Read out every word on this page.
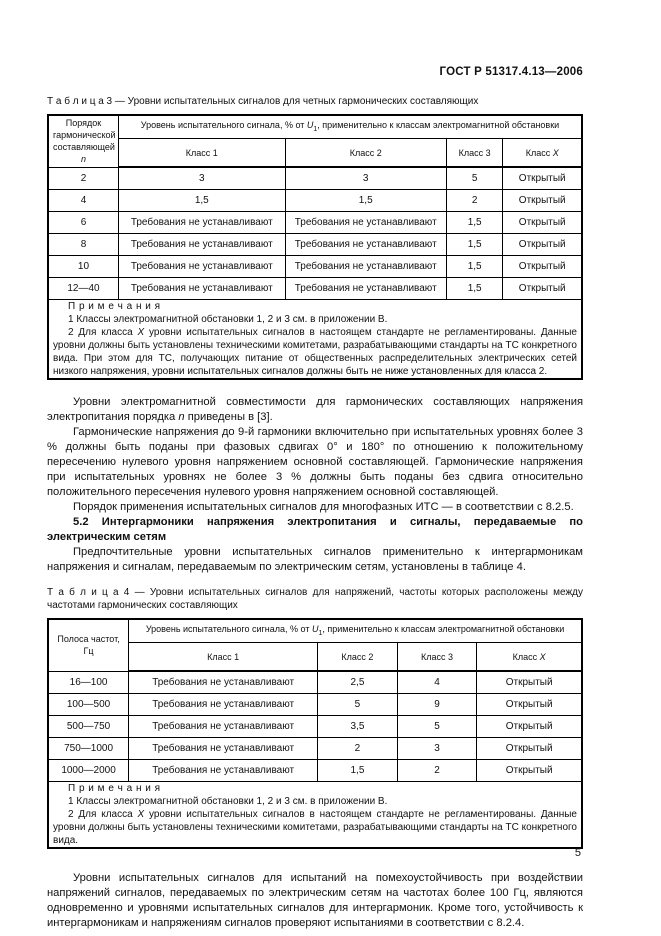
ГОСТ Р 51317.4.13—2006

Т а б л и ц а 3 — Уровни испытательных сигналов для четных гармонических составляющих

Порядок
гармонической
составляющей n	Уровень испытательного сигнала, % от $U_1$, применительно к классам электромагнитной обстановки			
	Класс 1	Класс 2	Класс 3	Класс X
2	3	3	5	Открытый
4	1,5	1,5	2	Открытый
6	Требования не устанавливают	Требования не устанавливают	1,5	Открытый
8	Требования не устанавливают	Требования не устанавливают	1,5	Открытый
10	Требования не устанавливают	Требования не устанавливают	1,5	Открытый
12—40	Требования не устанавливают	Требования не устанавливают	1,5	Открытый

П р и м е ч а н и я

1 Классы электромагнитной обстановки 1, 2 и 3 см. в приложении В.

2 Для класса X уровни испытательных сигналов в настоящем стандарте не регламентированы. Данные уровни должны быть установлены техническими комитетами, разрабатывающими стандарты на ТС конкретного вида. При этом для ТС, получающих питание от общественных распределительных электрических сетей низкого напряжения, уровни испытательных сигналов должны быть не ниже установленных для класса 2.				

Уровни электромагнитной совместимости для гармонических составляющих напряжения электропитания порядка n приведены в [3].

Гармонические напряжения до 9-й гармоники включительно при испытательных уровнях более 3 % должны быть поданы при фазовых сдвигах 0° и 180° по отношению к положительному пересечению нулевого уровня напряжением основной составляющей. Гармонические напряжения при испытательных уровнях не более 3 % должны быть поданы без сдвига относительно положительного пересечения нулевого уровня напряжением основной составляющей.

Порядок применения испытательных сигналов для многофазных ИТС — в соответствии с 8.2.5.

5.2 Интергармоники напряжения электропитания и сигналы, передаваемые по электрическим сетям

Предпочтительные уровни испытательных сигналов применительно к интергармоникам напряжения и сигналам, передаваемым по электрическим сетям, установлены в таблице 4.

Т а б л и ц а 4 — Уровни испытательных сигналов для напряжений, частоты которых расположены между частотами гармонических составляющих

Полоса частот,
Гц	Уровень испытательного сигнала, % от $U_1$, применительно к классам электромагнитной обстановки			
	Класс 1	Класс 2	Класс 3	Класс X
16—100	Требования не устанавливают	2,5	4	Открытый
100—500	Требования не устанавливают	5	9	Открытый
500—750	Требования не устанавливают	3,5	5	Открытый
750—1000	Требования не устанавливают	2	3	Открытый
1000—2000	Требования не устанавливают	1,5	2	Открытый

П р и м е ч а н и я

1 Классы электромагнитной обстановки 1, 2 и 3 см. в приложении В.

2 Для класса X уровни испытательных сигналов в настоящем стандарте не регламентированы. Данные уровни должны быть установлены техническими комитетами, разрабатывающими стандарты на ТС конкретного вида.				

Уровни испытательных сигналов для испытаний на помехоустойчивость при воздействии напряжений сигналов, передаваемых по электрическим сетям на частотах более 100 Гц, являются одновременно и уровнями испытательных сигналов для интергармоник. Кроме того, устойчивость к интергармоникам и напряжениям сигналов проверяют испытаниями в соответствии с 8.2.4.

5
